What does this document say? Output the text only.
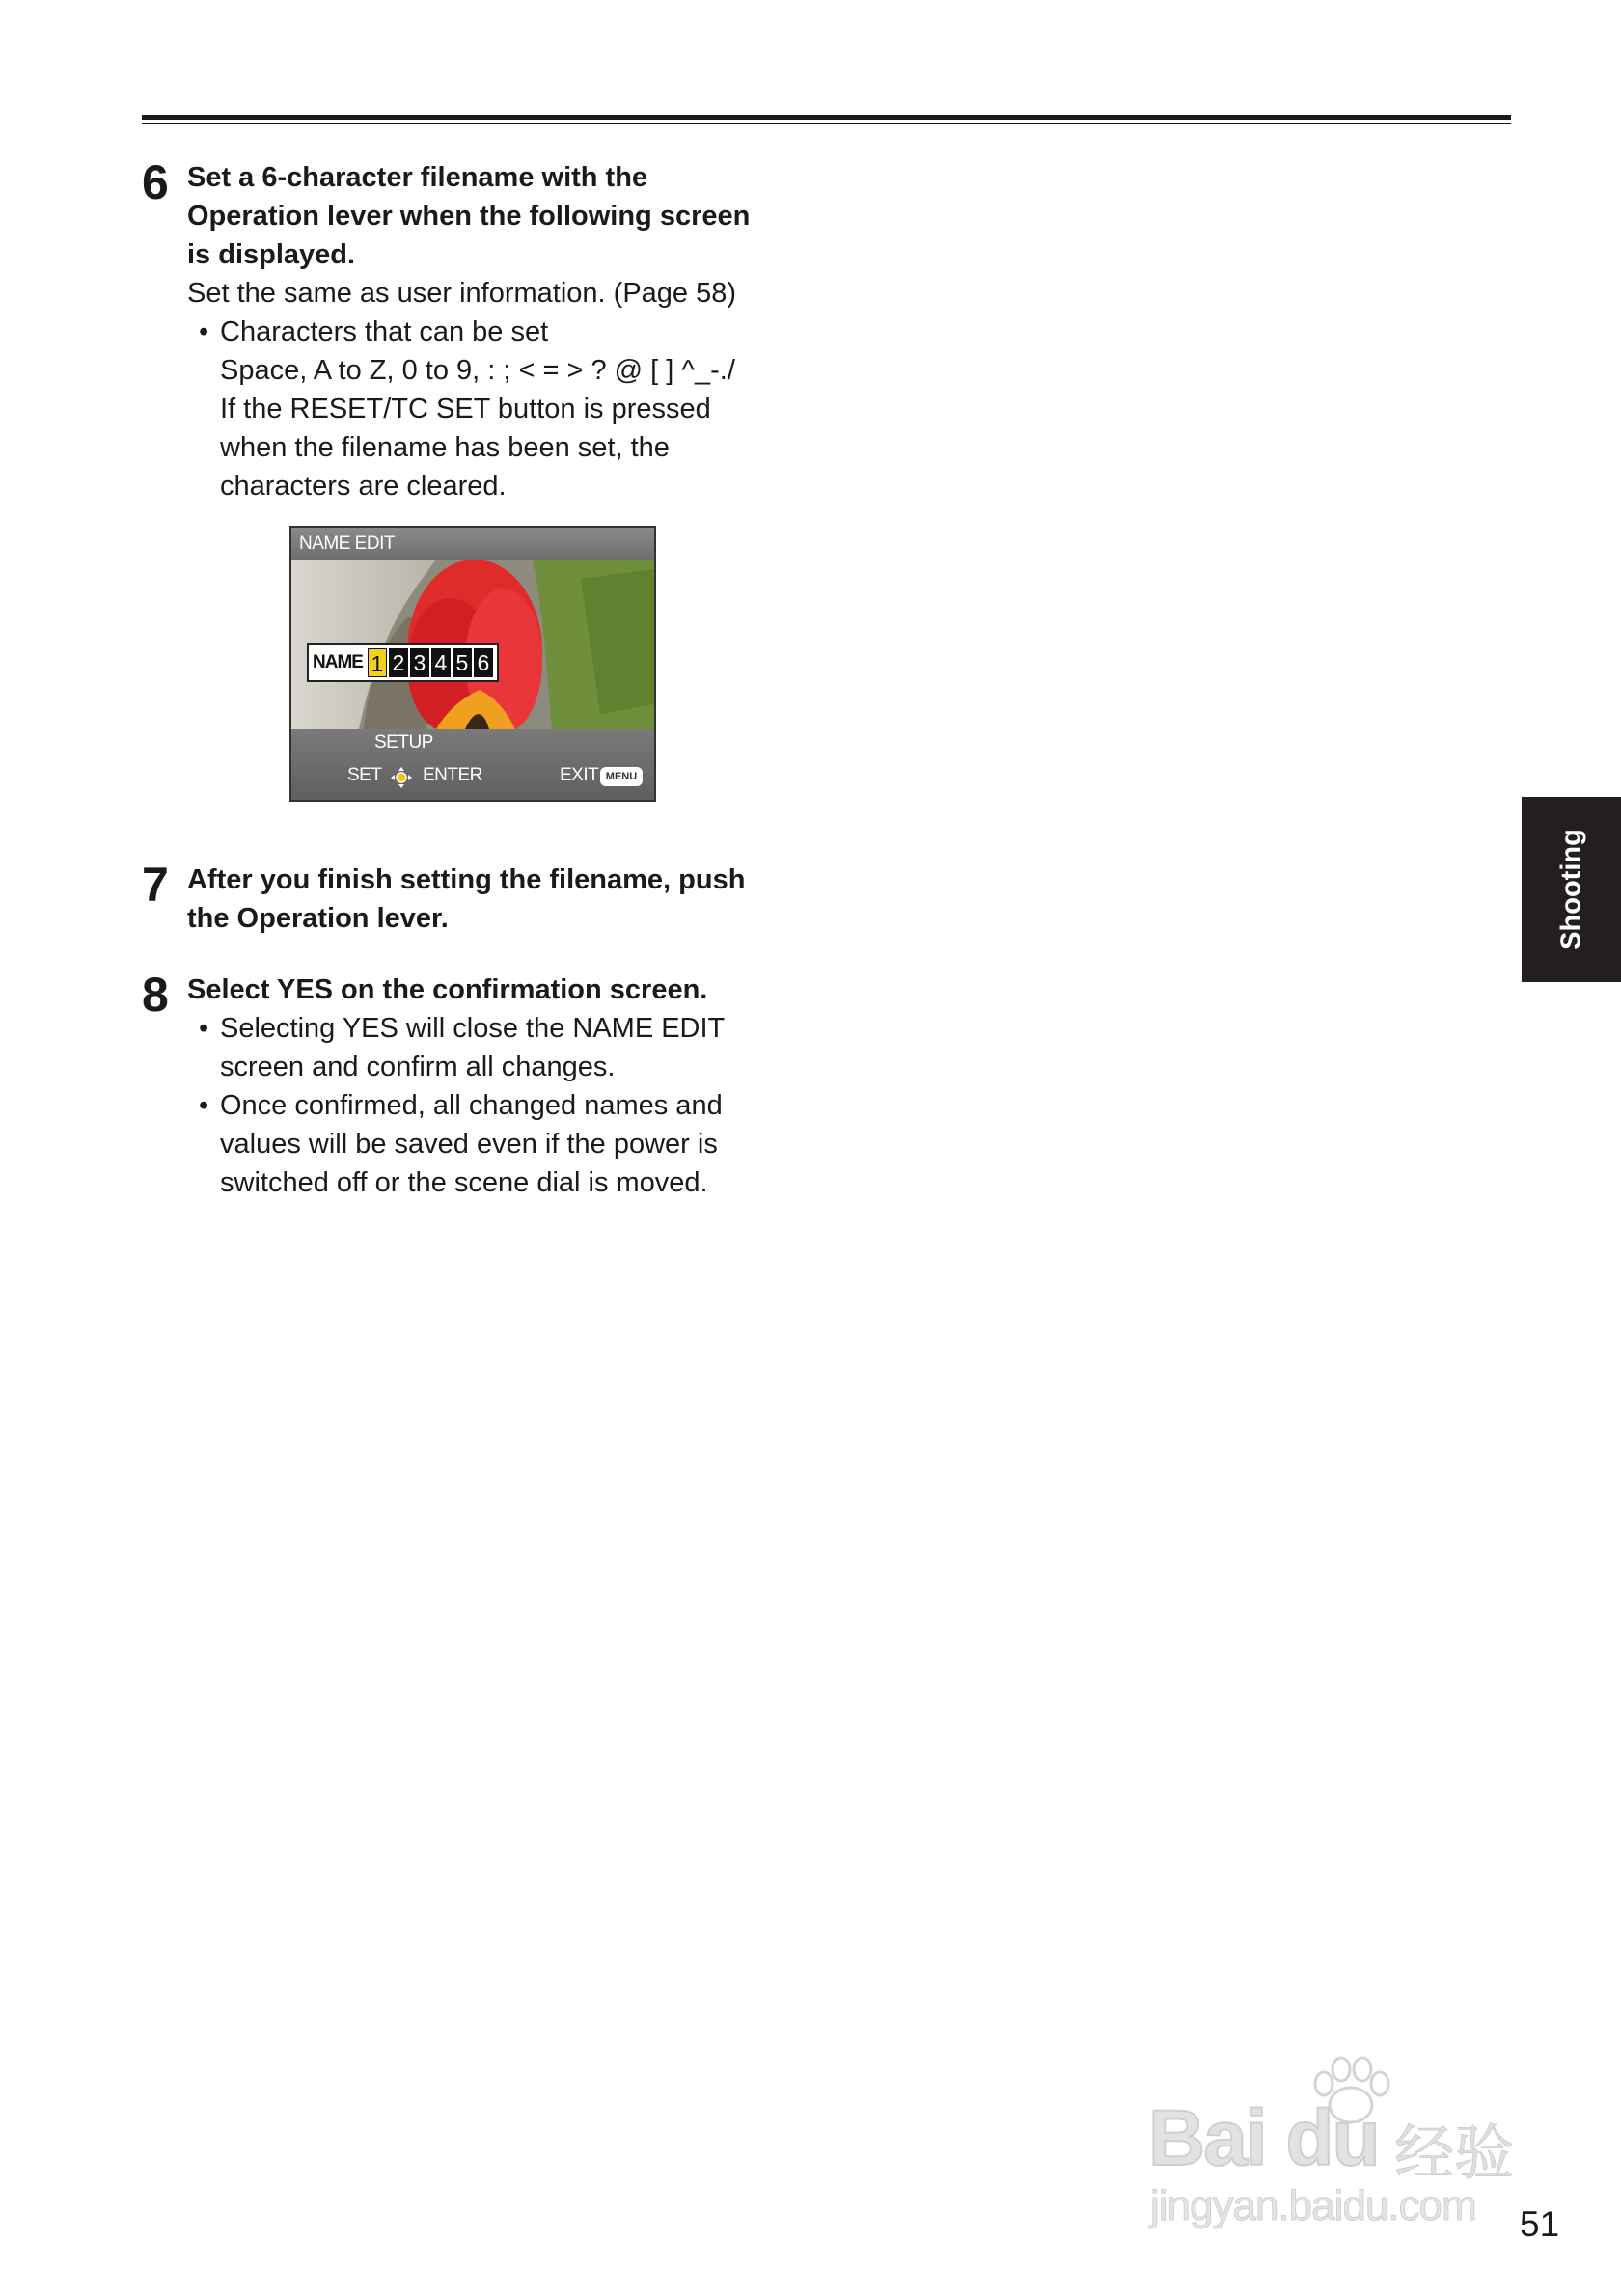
6 Set a 6-character filename with the

Operation lever when the following screen

is displayed.

Set the same as user information. (Page 58)

• Characters that can be set

Space, A to Z, 0 to 9, : ; < = > ? @ [ ] ^_-./

If the RESET/TC SET button is pressed

when the filename has been set, the

characters are cleared.

NAME EDIT
NAME 1 2 3 4 5 6
SETUP
SET ENTER	EXIT MENU
7 After you finish setting the filename, push

the Operation lever.

8 Select YES on the confirmation screen.

• Selecting YES will close the NAME EDIT

screen and confirm all changes.

• Once confirmed, all changed names and

values will be saved even if the power is

switched off or the scene dial is moved.

Shooting
Bai du 经验
jingyan.baidu.com 51
